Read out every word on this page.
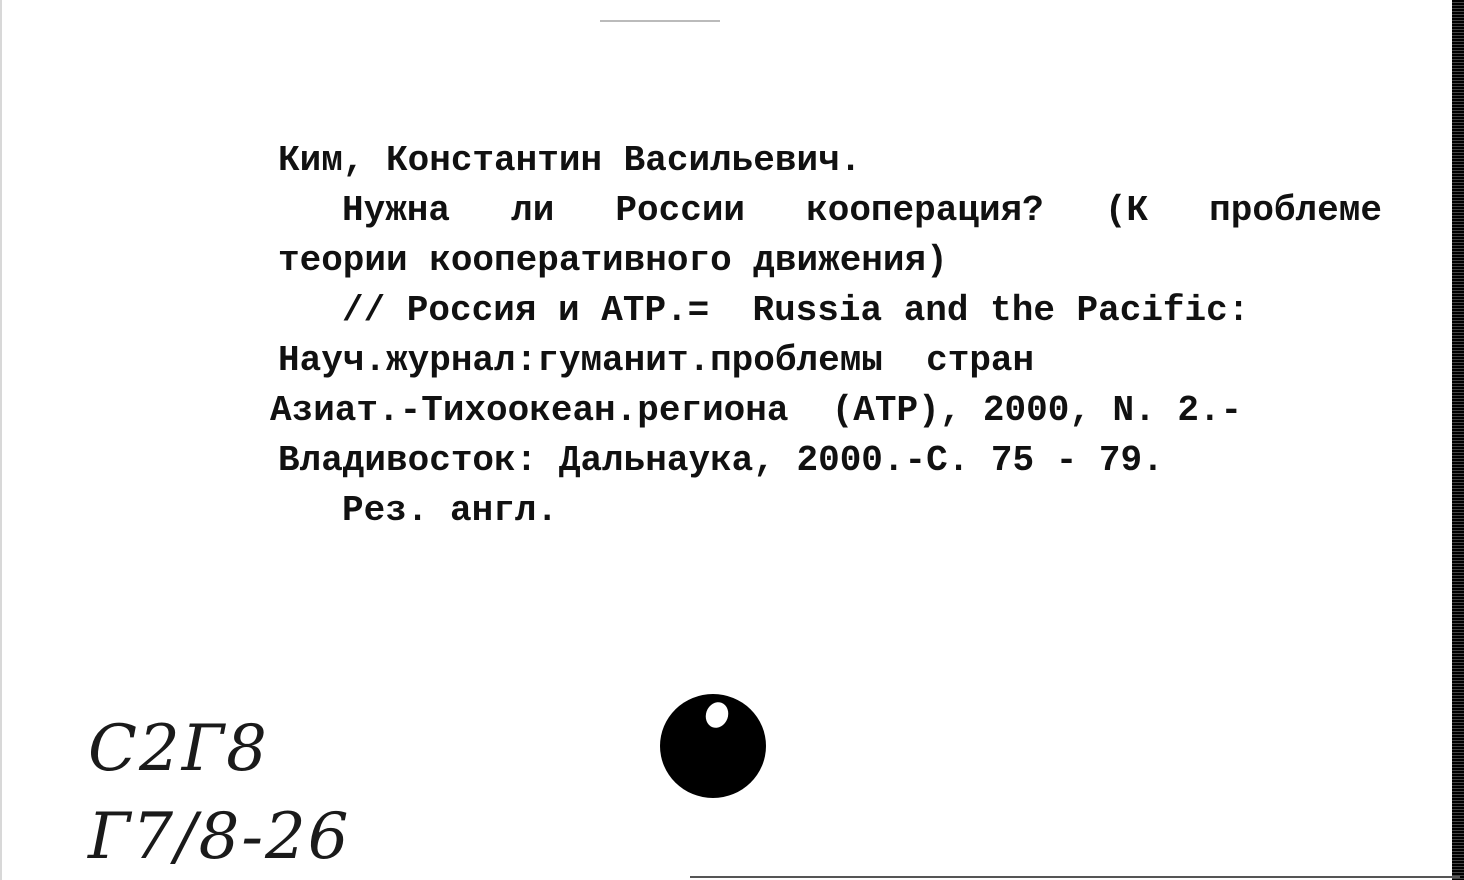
Ким, Константин Васильевич.
Нужна ли России кооперация? (К проблеме
теории кооперативного движения)
// Россия и АТР.=  Russia and the Pacific:
Науч.журнал:гуманит.проблемы  стран
Азиат.-Тихоокеан.региона  (АТР), 2000, N. 2.-
Владивосток: Дальнаука, 2000.-С. 75 - 79.
Рез. англ.
С2Г8
Г7/8-26
